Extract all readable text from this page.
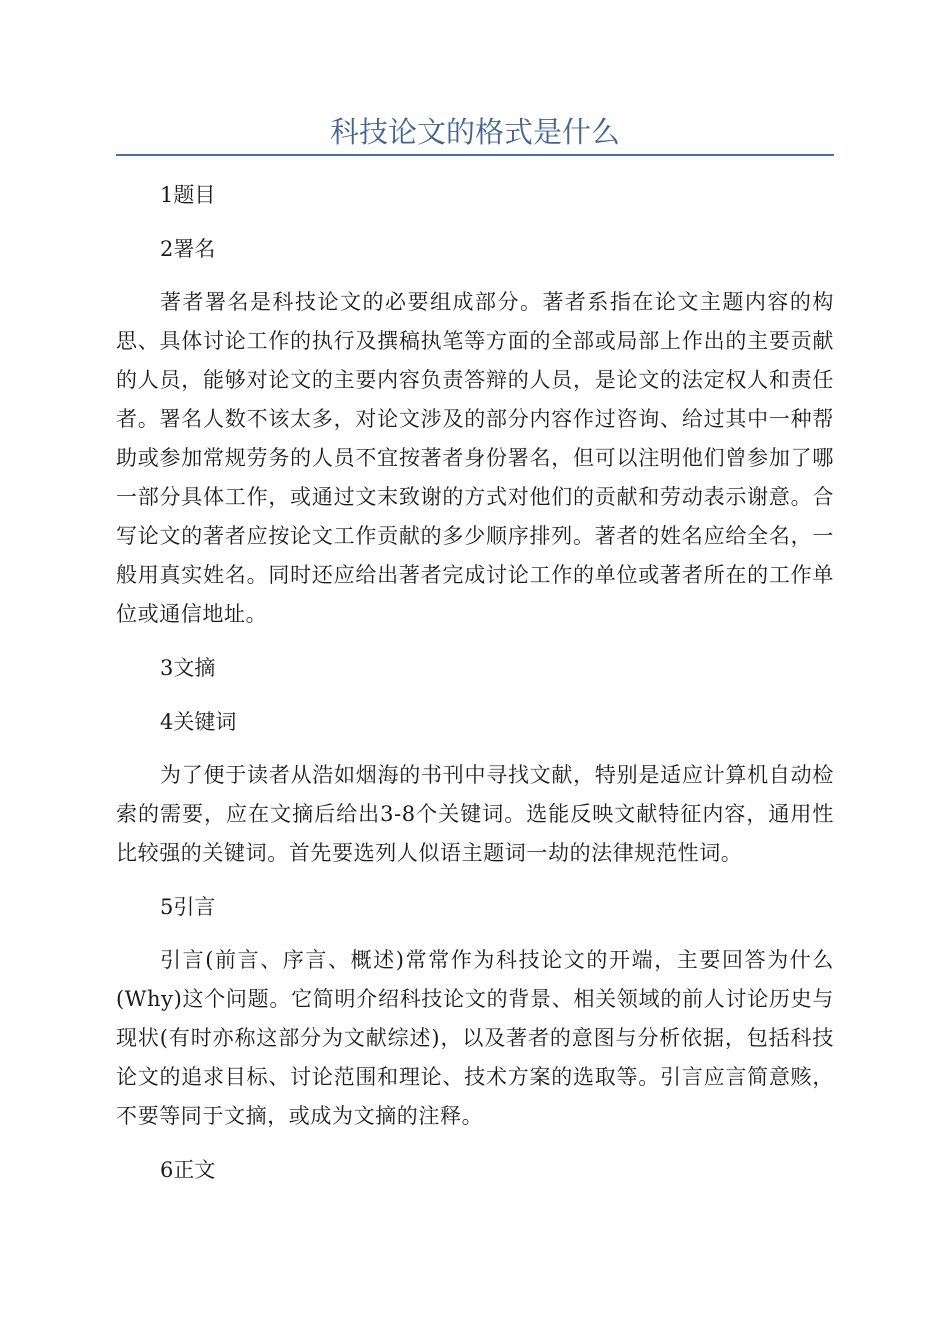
科技论文的格式是什么

1题目

2署名

著者署名是科技论文的必要组成部分。著者系指在论文主题内容的构思、具体讨论工作的执行及撰稿执笔等方面的全部或局部上作出的主要贡献的人员，能够对论文的主要内容负责答辩的人员，是论文的法定权人和责任者。署名人数不该太多，对论文涉及的部分内容作过咨询、给过其中一种帮助或参加常规劳务的人员不宜按著者身份署名，但可以注明他们曾参加了哪一部分具体工作，或通过文末致谢的方式对他们的贡献和劳动表示谢意。合写论文的著者应按论文工作贡献的多少顺序排列。著者的姓名应给全名，一般用真实姓名。同时还应给出著者完成讨论工作的单位或著者所在的工作单位或通信地址。

3文摘

4关键词

为了便于读者从浩如烟海的书刊中寻找文献，特别是适应计算机自动检索的需要，应在文摘后给出3-8个关键词。选能反映文献特征内容，通用性比较强的关键词。首先要选列人似语主题词一劫的法律规范性词。

5引言

引言(前言、序言、概述)常常作为科技论文的开端，主要回答为什么(Why)这个问题。它简明介绍科技论文的背景、相关领域的前人讨论历史与现状(有时亦称这部分为文献综述)，以及著者的意图与分析依据，包括科技论文的追求目标、讨论范围和理论、技术方案的选取等。引言应言简意赅，不要等同于文摘，或成为文摘的注释。

6正文
